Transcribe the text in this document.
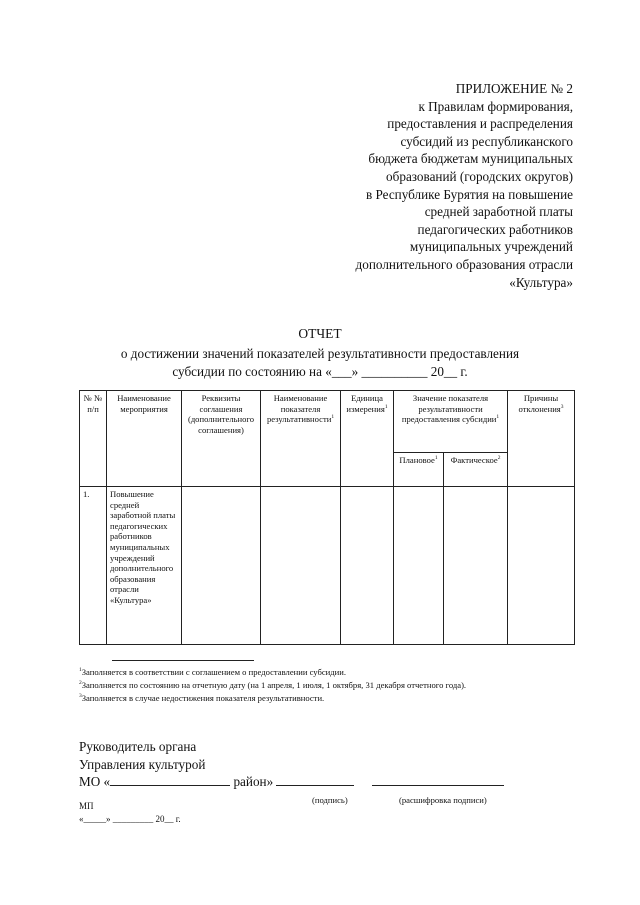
ПРИЛОЖЕНИЕ № 2
к Правилам формирования,
предоставления и распределения
субсидий из республиканского
бюджета бюджетам муниципальных
образований (городских округов)
в Республике Бурятия на повышение
средней заработной платы
педагогических работников
муниципальных учреждений
дополнительного образования отрасли
«Культура»
ОТЧЕТ
о достижении значений показателей результативности предоставления
субсидии по состоянию на «___» __________ 20__ г.
№ № п/п	Наименование мероприятия	Реквизиты соглашения (дополнительного соглашения)	Наименование показателя результативности$^1$	Единица измерения$^1$	Значение показателя результативности предоставления субсидии$^1$		Причины отклонения$^3$
					Плановое$^1$	Фактическое$^2$
1.	Повышение средней заработной платы педагогических работников муниципальных учреждений дополнительного образования отрасли «Культура»						
$^1$Заполняется в соответствии с соглашением о предоставлении субсидии.
$^2$Заполняется по состоянию на отчетную дату (на 1 апреля, 1 июля, 1 октября, 31 декабря отчетного года).
$^3$Заполняется в случае недостижения показателя результативности.
Руководитель органа
Управления культурой
МО «	район»
(подпись)	(расшифровка подписи)
МП
«_____» _________ 20__ г.
